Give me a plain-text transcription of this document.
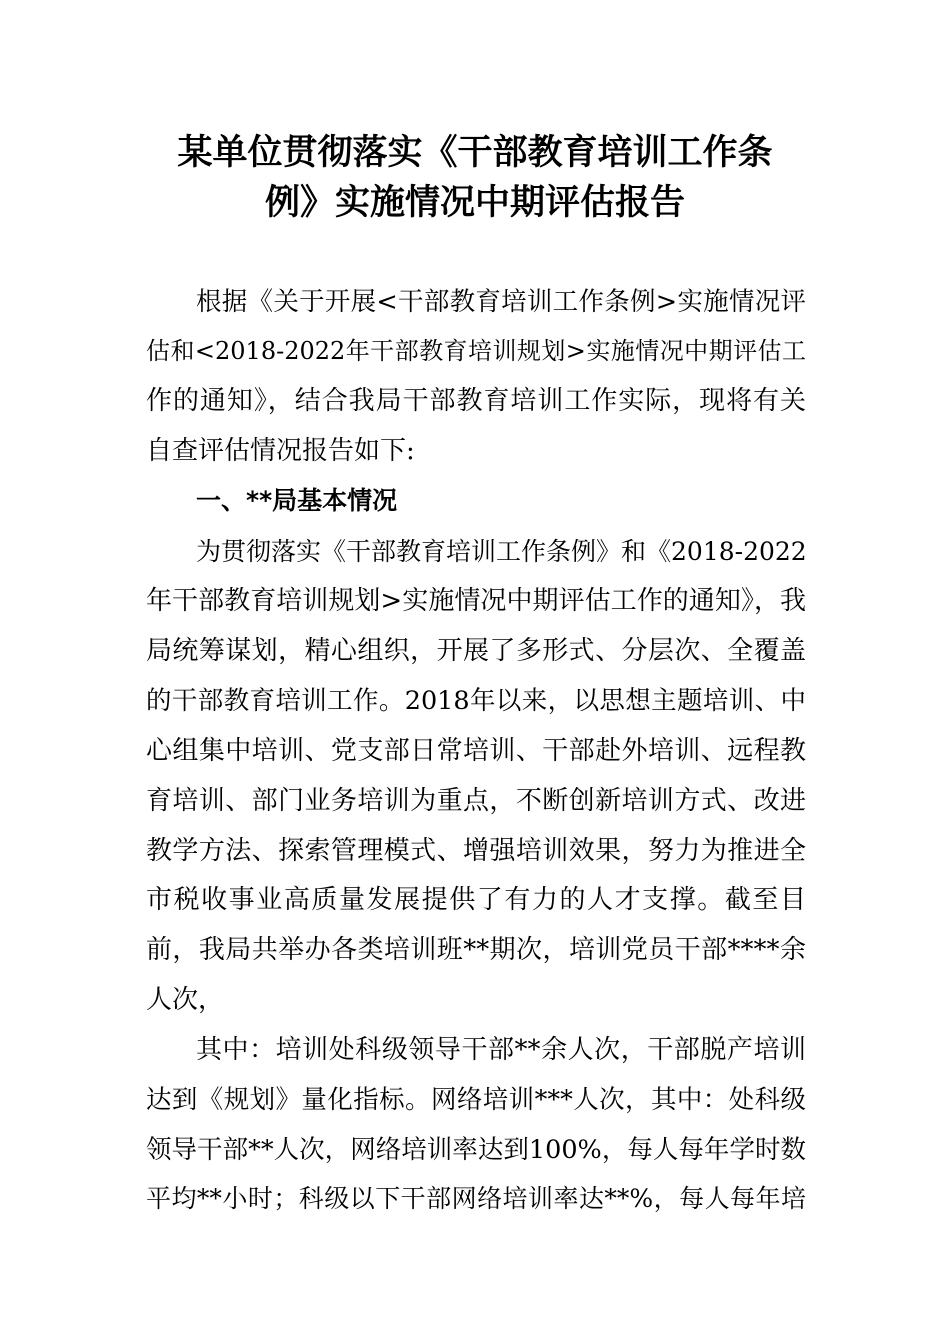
某单位贯彻落实《干部教育培训工作条
例》实施情况中期评估报告
根据《关于开展<干部教育培训工作条例>实施情况评
估和<2018-2022年干部教育培训规划>实施情况中期评估工
作的通知》，结合我局干部教育培训工作实际，现将有关
自查评估情况报告如下:
一、**局基本情况
为贯彻落实《干部教育培训工作条例》和《2018-2022
年干部教育培训规划>实施情况中期评估工作的通知》，我
局统筹谋划，精心组织，开展了多形式、分层次、全覆盖
的干部教育培训工作。2018年以来，以思想主题培训、中
心组集中培训、党支部日常培训、干部赴外培训、远程教
育培训、部门业务培训为重点，不断创新培训方式、改进
教学方法、探索管理模式、增强培训效果，努力为推进全
市税收事业高质量发展提供了有力的人才支撑。截至目
前，我局共举办各类培训班**期次，培训党员干部****余
人次，
其中：培训处科级领导干部**余人次，干部脱产培训
达到《规划》量化指标。网络培训***人次，其中：处科级
领导干部**人次，网络培训率达到100%，每人每年学时数
平均**小时；科级以下干部网络培训率达**%，每人每年培
